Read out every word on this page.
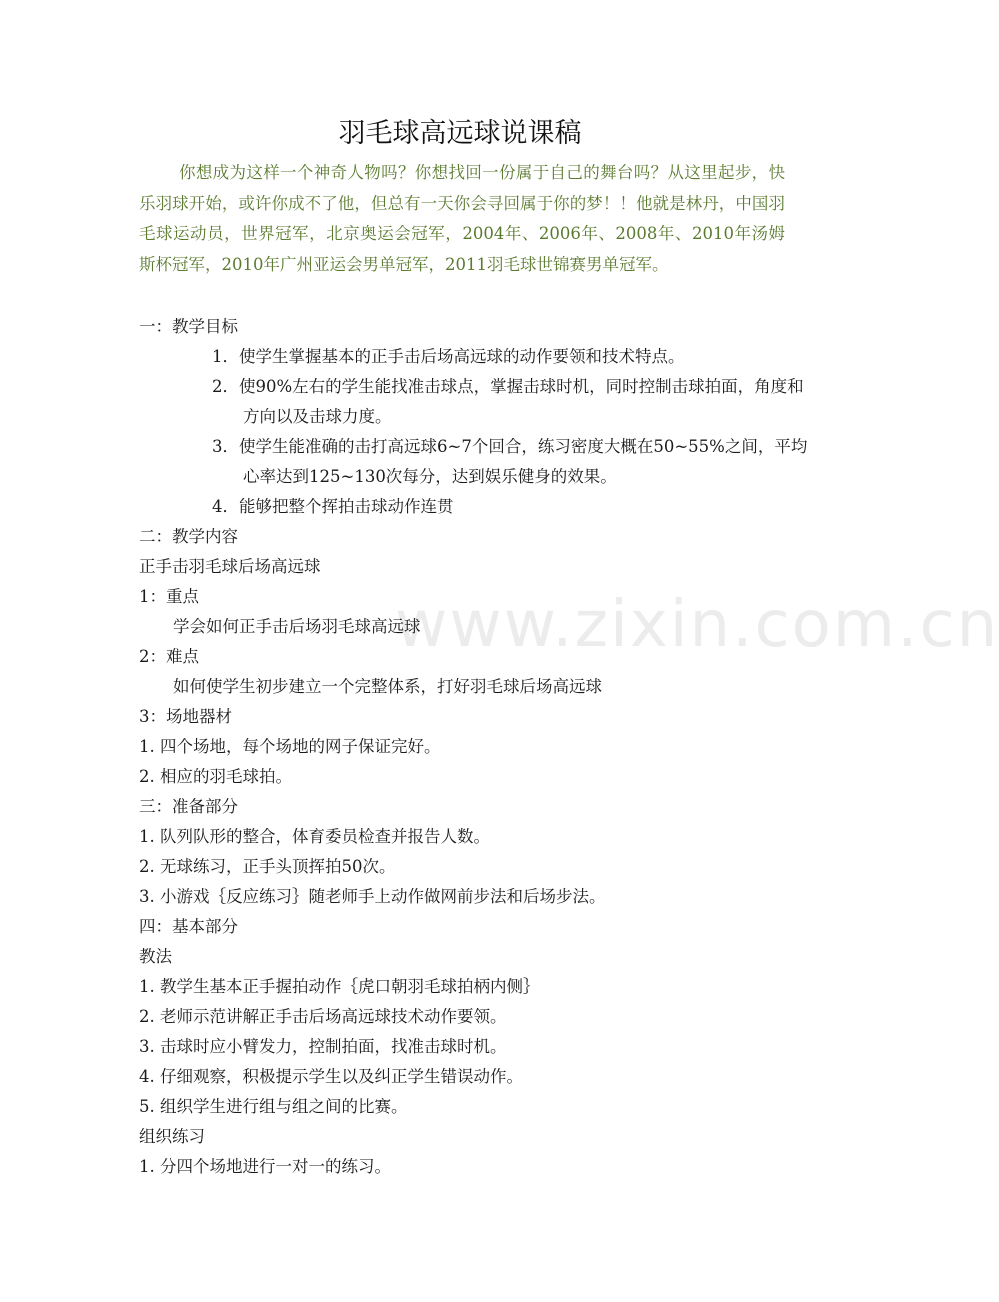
www.zixin.com.cn
羽毛球高远球说课稿
你想成为这样一个神奇人物吗？你想找回一份属于自己的舞台吗？从这里起步，快乐羽球开始，或许你成不了他，但总有一天你会寻回属于你的梦！！他就是林丹，中国羽毛球运动员，世界冠军，北京奥运会冠军，2004年、2006年、2008年、2010年汤姆斯杯冠军，2010年广州亚运会男单冠军，2011羽毛球世锦赛男单冠军。
一：教学目标
1．使学生掌握基本的正手击后场高远球的动作要领和技术特点。
2．使90%左右的学生能找准击球点，掌握击球时机，同时控制击球拍面，角度和方向以及击球力度。
3．使学生能准确的击打高远球6~7个回合，练习密度大概在50~55%之间，平均心率达到125~130次每分，达到娱乐健身的效果。
4．能够把整个挥拍击球动作连贯
二：教学内容
正手击羽毛球后场高远球
1：重点
学会如何正手击后场羽毛球高远球
2：难点
如何使学生初步建立一个完整体系，打好羽毛球后场高远球
3：场地器材
1. 四个场地，每个场地的网子保证完好。
2. 相应的羽毛球拍。
三：准备部分
1. 队列队形的整合，体育委员检查并报告人数。
2. 无球练习，正手头顶挥拍50次。
3. 小游戏｛反应练习｝随老师手上动作做网前步法和后场步法。
四：基本部分
教法
1. 教学生基本正手握拍动作｛虎口朝羽毛球拍柄内侧｝
2. 老师示范讲解正手击后场高远球技术动作要领。
3. 击球时应小臂发力，控制拍面，找准击球时机。
4. 仔细观察，积极提示学生以及纠正学生错误动作。
5. 组织学生进行组与组之间的比赛。
组织练习
1. 分四个场地进行一对一的练习。
